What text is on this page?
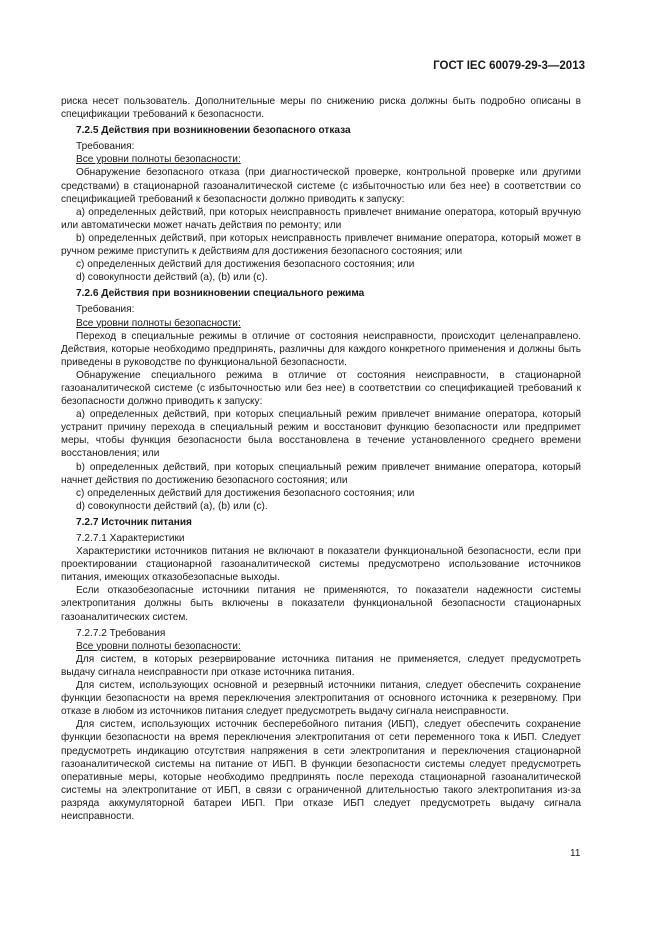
ГОСТ IEC 60079-29-3—2013

риска несет пользователь. Дополнительные меры по снижению риска должны быть подробно описаны в спецификации требований к безопасности.

7.2.5 Действия при возникновении безопасного отказа

Требования:

Все уровни полноты безопасности:

Обнаружение безопасного отказа (при диагностической проверке, контрольной проверке или другими средствами) в стационарной газоаналитической системе (с избыточностью или без нее) в соответствии со спецификацией требований к безопасности должно приводить к запуску:

а) определенных действий, при которых неисправность привлечет внимание оператора, который вручную или автоматически может начать действия по ремонту; или

b) определенных действий, при которых неисправность привлечет внимание оператора, который может в ручном режиме приступить к действиям для достижения безопасного состояния; или

c) определенных действий для достижения безопасного состояния; или

d) совокупности действий (а), (b) или (c).

7.2.6 Действия при возникновении специального режима

Требования:

Все уровни полноты безопасности:

Переход в специальные режимы в отличие от состояния неисправности, происходит целенаправлено. Действия, которые необходимо предпринять, различны для каждого конкретного применения и должны быть приведены в руководстве по функциональной безопасности.

Обнаружение специального режима в отличие от состояния неисправности, в стационарной газоаналитической системе (с избыточностью или без нее) в соответствии со спецификацией требований к безопасности должно приводить к запуску:

а) определенных действий, при которых специальный режим привлечет внимание оператора, который устранит причину перехода в специальный режим и восстановит функцию безопасности или предпримет меры, чтобы функция безопасности была восстановлена в течение установленного среднего времени восстановления; или

b) определенных действий, при которых специальный режим привлечет внимание оператора, который начнет действия по достижению безопасного состояния; или

c) определенных действий для достижения безопасного состояния; или

d) совокупности действий (а), (b) или (c).

7.2.7 Источник питания

7.2.7.1 Характеристики

Характеристики источников питания не включают в показатели функциональной безопасности, если при проектировании стационарной газоаналитической системы предусмотрено использование источников питания, имеющих отказобезопасные выходы.

Если отказобезопасные источники питания не применяются, то показатели надежности системы электропитания должны быть включены в показатели функциональной безопасности стационарных газоаналитических систем.

7.2.7.2 Требования

Все уровни полноты безопасности:

Для систем, в которых резервирование источника питания не применяется, следует предусмотреть выдачу сигнала неисправности при отказе источника питания.

Для систем, использующих основной и резервный источники питания, следует обеспечить сохранение функции безопасности на время переключения электропитания от основного источника к резервному. При отказе в любом из источников питания следует предусмотреть выдачу сигнала неисправности.

Для систем, использующих источник бесперебойного питания (ИБП), следует обеспечить сохранение функции безопасности на время переключения электропитания от сети переменного тока к ИБП. Следует предусмотреть индикацию отсутствия напряжения в сети электропитания и переключения стационарной газоаналитической системы на питание от ИБП. В функции безопасности системы следует предусмотреть оперативные меры, которые необходимо предпринять после перехода стационарной газоаналитической системы на электропитание от ИБП, в связи с ограниченной длительностью такого электропитания из-за разряда аккумуляторной батареи ИБП. При отказе ИБП следует предусмотреть выдачу сигнала неисправности.

11
